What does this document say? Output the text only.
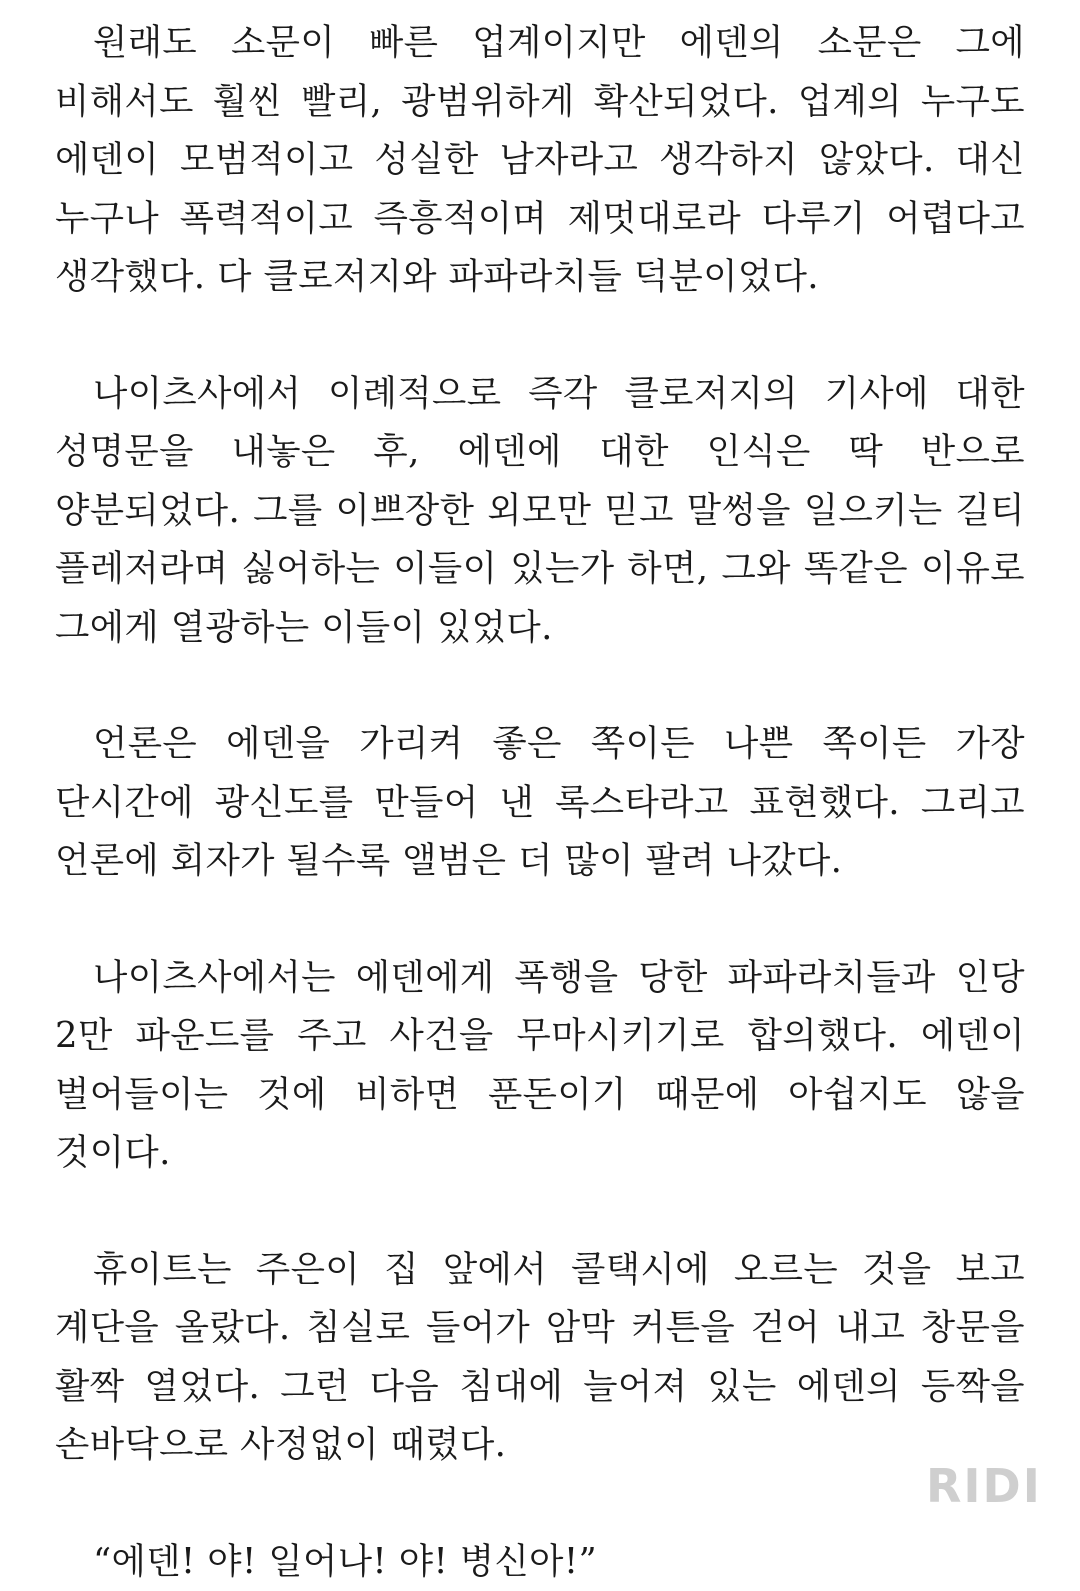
원래도 소문이 빠른 업계이지만 에덴의 소문은 그에 비해서도 훨씬 빨리, 광범위하게 확산되었다. 업계의 누구도 에덴이 모범적이고 성실한 남자라고 생각하지 않았다. 대신 누구나 폭력적이고 즉흥적이며 제멋대로라 다루기 어렵다고 생각했다. 다 클로저지와 파파라치들 덕분이었다.

나이츠사에서 이례적으로 즉각 클로저지의 기사에 대한 성명문을 내놓은 후, 에덴에 대한 인식은 딱 반으로 양분되었다. 그를 이쁘장한 외모만 믿고 말썽을 일으키는 길티 플레저라며 싫어하는 이들이 있는가 하면, 그와 똑같은 이유로 그에게 열광하는 이들이 있었다.

언론은 에덴을 가리켜 좋은 쪽이든 나쁜 쪽이든 가장 단시간에 광신도를 만들어 낸 록스타라고 표현했다. 그리고 언론에 회자가 될수록 앨범은 더 많이 팔려 나갔다.

나이츠사에서는 에덴에게 폭행을 당한 파파라치들과 인당 2만 파운드를 주고 사건을 무마시키기로 합의했다. 에덴이 벌어들이는 것에 비하면 푼돈이기 때문에 아쉽지도 않을 것이다.

휴이트는 주은이 집 앞에서 콜택시에 오르는 것을 보고 계단을 올랐다. 침실로 들어가 암막 커튼을 걷어 내고 창문을 활짝 열었다. 그런 다음 침대에 늘어져 있는 에덴의 등짝을 손바닥으로 사정없이 때렸다.

“에덴! 야! 일어나! 야! 병신아!”

RIDI
